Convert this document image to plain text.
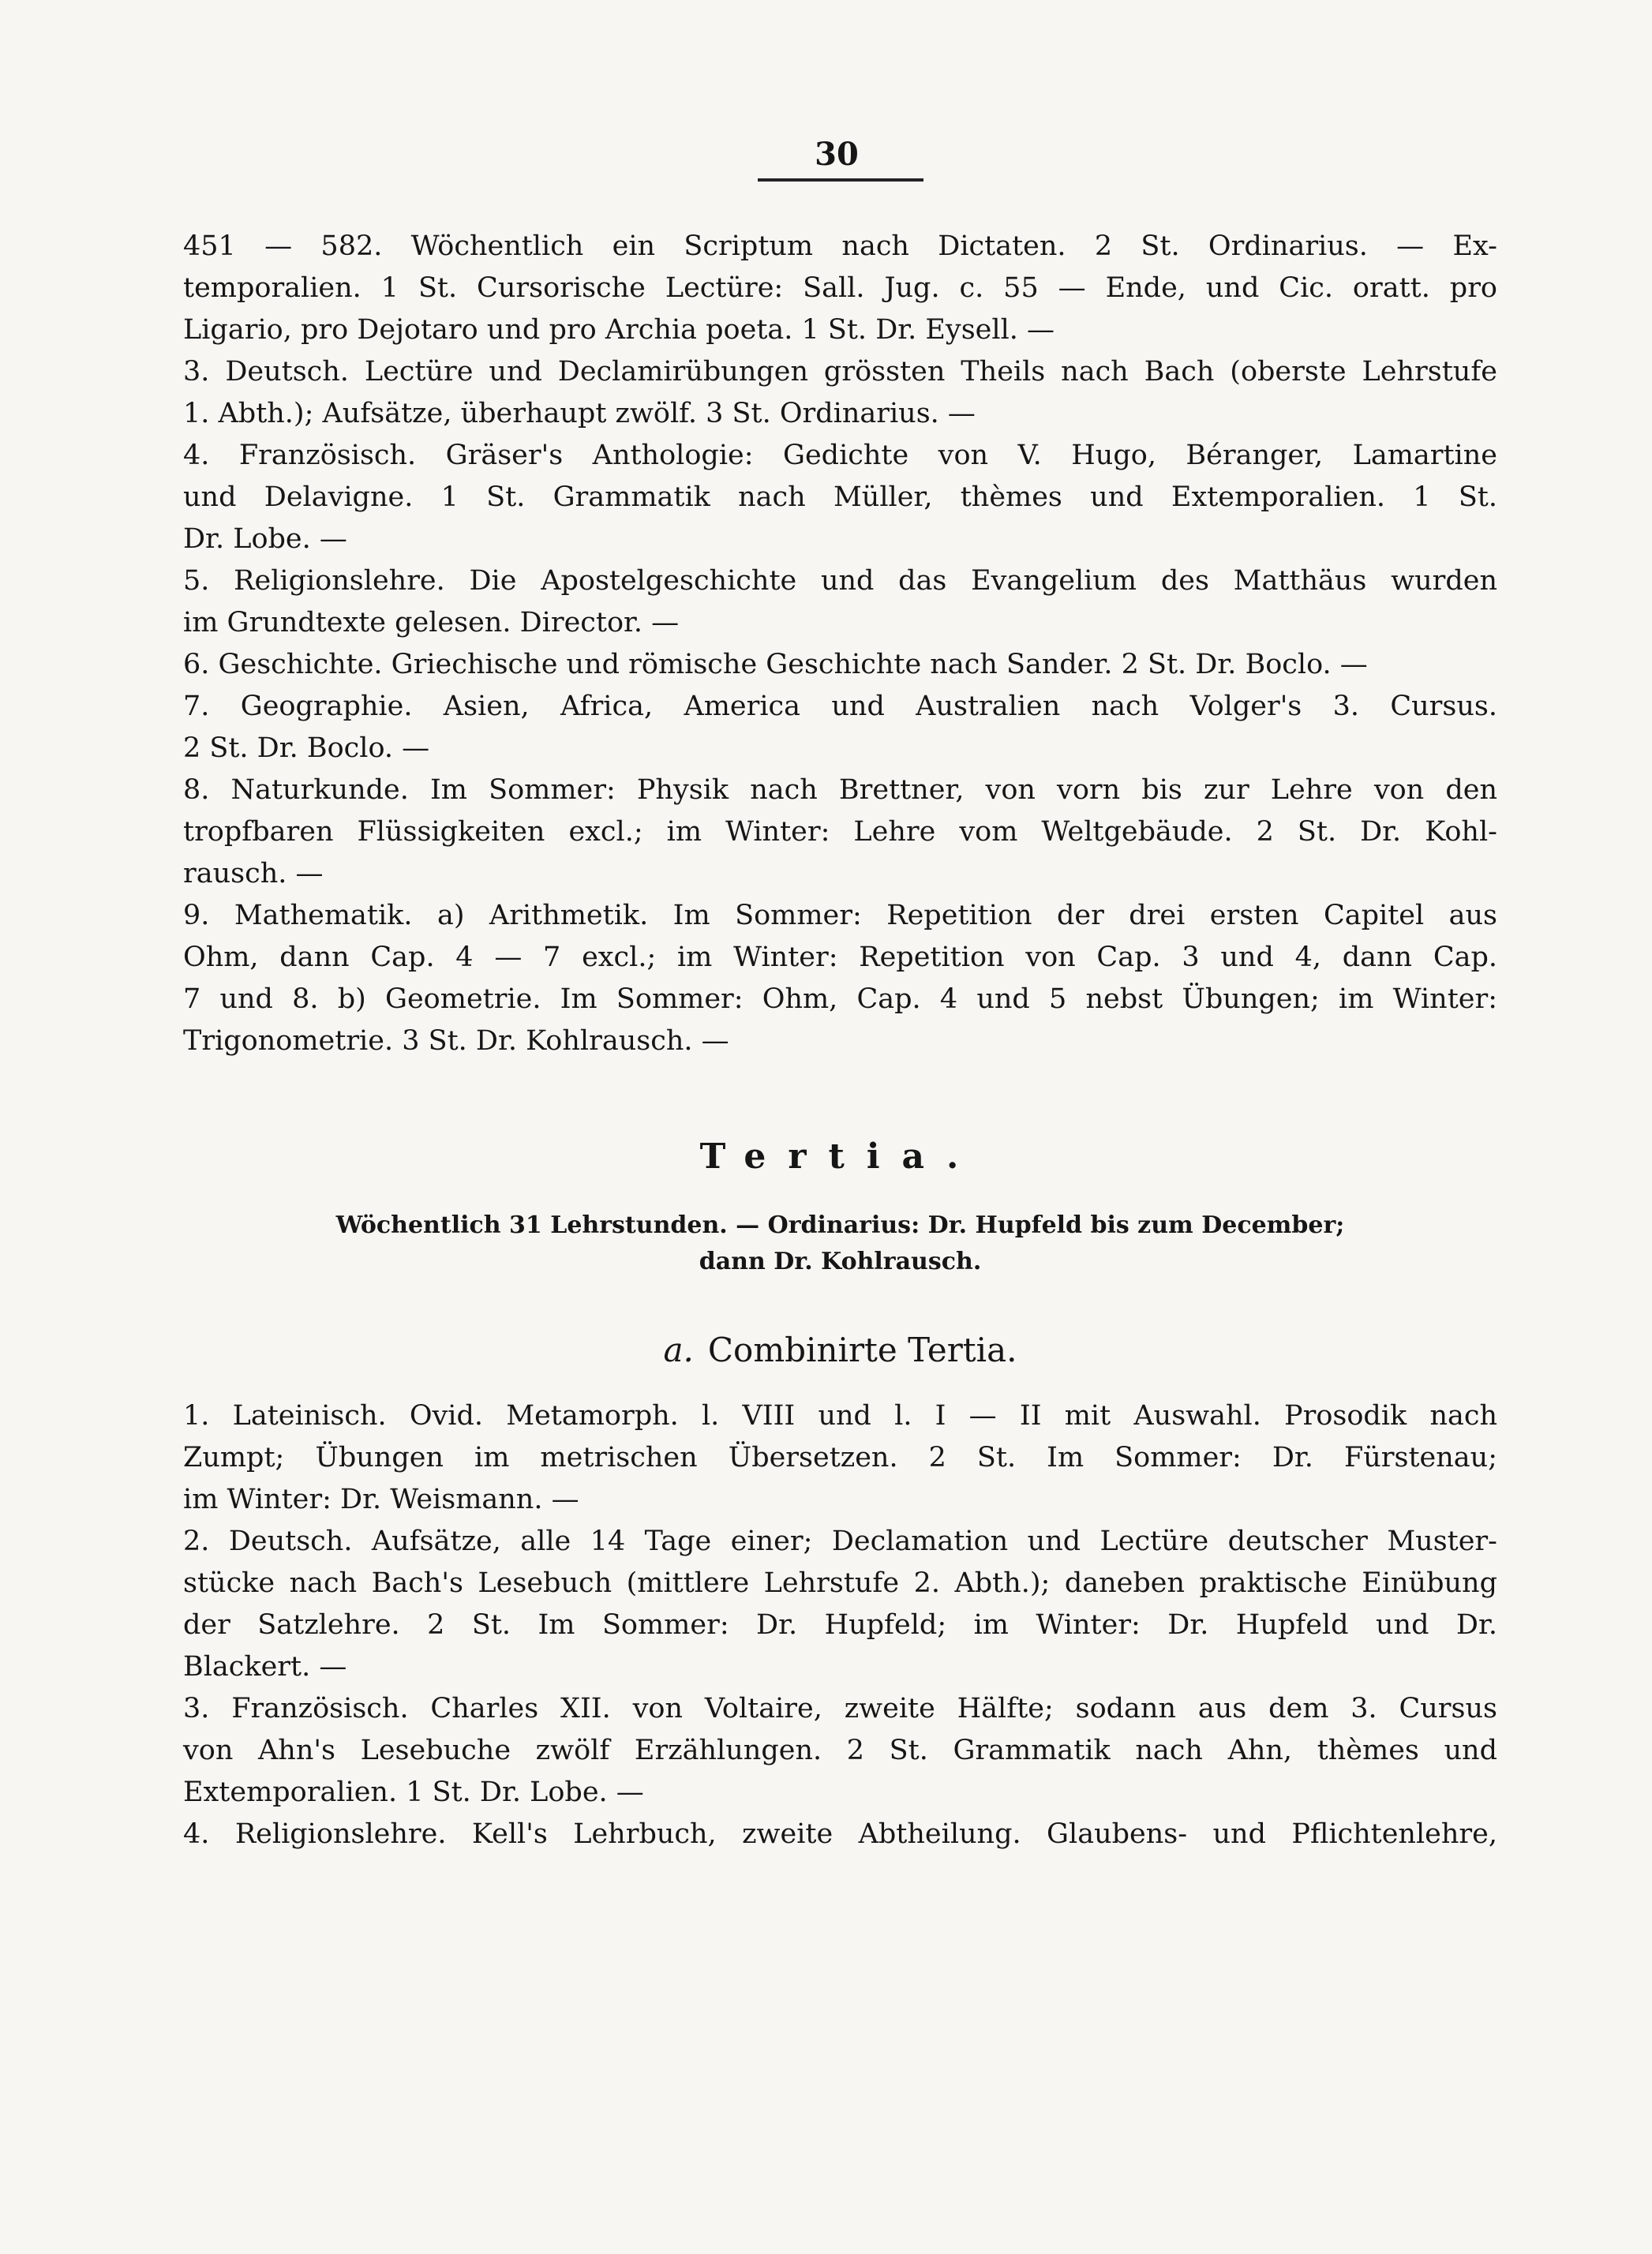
30
451 — 582. Wöchentlich ein Scriptum nach Dictaten. 2 St. Ordinarius. — Ex-
temporalien. 1 St. Cursorische Lectüre: Sall. Jug. c. 55 — Ende, und Cic. oratt. pro
Ligario, pro Dejotaro und pro Archia poeta. 1 St. Dr. Eysell. —
3. Deutsch. Lectüre und Declamirübungen grössten Theils nach Bach (oberste Lehrstufe
1. Abth.); Aufsätze, überhaupt zwölf. 3 St. Ordinarius. —
4. Französisch. Gräser's Anthologie: Gedichte von V. Hugo, Béranger, Lamartine
und Delavigne. 1 St. Grammatik nach Müller, thèmes und Extemporalien. 1 St.
Dr. Lobe. —
5. Religionslehre. Die Apostelgeschichte und das Evangelium des Matthäus wurden
im Grundtexte gelesen. Director. —
6. Geschichte. Griechische und römische Geschichte nach Sander. 2 St. Dr. Boclo. —
7. Geographie. Asien, Africa, America und Australien nach Volger's 3. Cursus.
2 St. Dr. Boclo. —
8. Naturkunde. Im Sommer: Physik nach Brettner, von vorn bis zur Lehre von den
tropfbaren Flüssigkeiten excl.; im Winter: Lehre vom Weltgebäude. 2 St. Dr. Kohl-
rausch. —
9. Mathematik. a) Arithmetik. Im Sommer: Repetition der drei ersten Capitel aus
Ohm, dann Cap. 4 — 7 excl.; im Winter: Repetition von Cap. 3 und 4, dann Cap.
7 und 8. b) Geometrie. Im Sommer: Ohm, Cap. 4 und 5 nebst Übungen; im Winter:
Trigonometrie. 3 St. Dr. Kohlrausch. —
Tertia.
Wöchentlich 31 Lehrstunden. — Ordinarius: Dr. Hupfeld bis zum December;
dann Dr. Kohlrausch.
a. Combinirte Tertia.
1. Lateinisch. Ovid. Metamorph. l. VIII und l. I — II mit Auswahl. Prosodik nach
Zumpt; Übungen im metrischen Übersetzen. 2 St. Im Sommer: Dr. Fürstenau;
im Winter: Dr. Weismann. —
2. Deutsch. Aufsätze, alle 14 Tage einer; Declamation und Lectüre deutscher Muster-
stücke nach Bach's Lesebuch (mittlere Lehrstufe 2. Abth.); daneben praktische Einübung
der Satzlehre. 2 St. Im Sommer: Dr. Hupfeld; im Winter: Dr. Hupfeld und Dr.
Blackert. —
3. Französisch. Charles XII. von Voltaire, zweite Hälfte; sodann aus dem 3. Cursus
von Ahn's Lesebuche zwölf Erzählungen. 2 St. Grammatik nach Ahn, thèmes und
Extemporalien. 1 St. Dr. Lobe. —
4. Religionslehre. Kell's Lehrbuch, zweite Abtheilung. Glaubens- und Pflichtenlehre,
